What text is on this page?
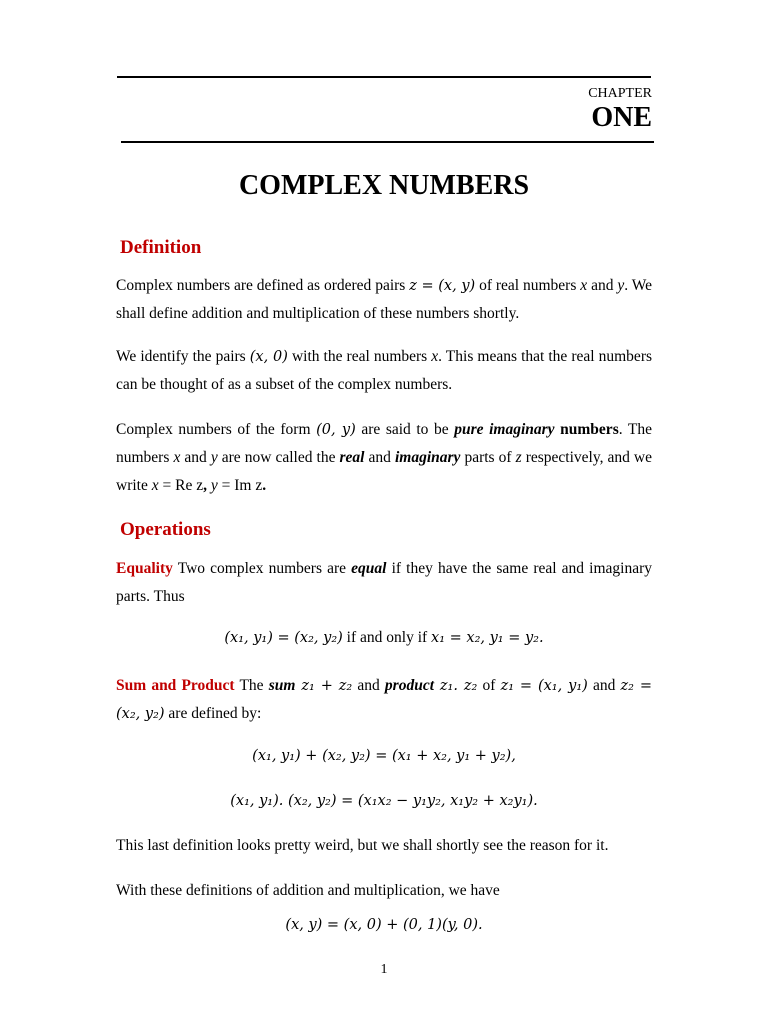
CHAPTER
ONE
COMPLEX NUMBERS
Definition
Complex numbers are defined as ordered pairs z = (x, y) of real numbers x and y. We shall define addition and multiplication of these numbers shortly.
We identify the pairs (x, 0) with the real numbers x. This means that the real numbers can be thought of as a subset of the complex numbers.
Complex numbers of the form (0, y) are said to be pure imaginary numbers. The numbers x and y are now called the real and imaginary parts of z respectively, and we write x = Re z, y = Im z.
Operations
Equality Two complex numbers are equal if they have the same real and imaginary parts. Thus
(x₁, y₁) = (x₂, y₂) if and only if x₁ = x₂, y₁ = y₂.
Sum and Product The sum z₁ + z₂ and product z₁. z₂ of z₁ = (x₁, y₁) and z₂ = (x₂, y₂) are defined by:
(x₁, y₁) + (x₂, y₂) = (x₁ + x₂, y₁ + y₂),
(x₁, y₁). (x₂, y₂) = (x₁x₂ − y₁y₂, x₁y₂ + x₂y₁).
This last definition looks pretty weird, but we shall shortly see the reason for it.
With these definitions of addition and multiplication, we have
(x, y) = (x, 0) + (0, 1)(y, 0).
1
